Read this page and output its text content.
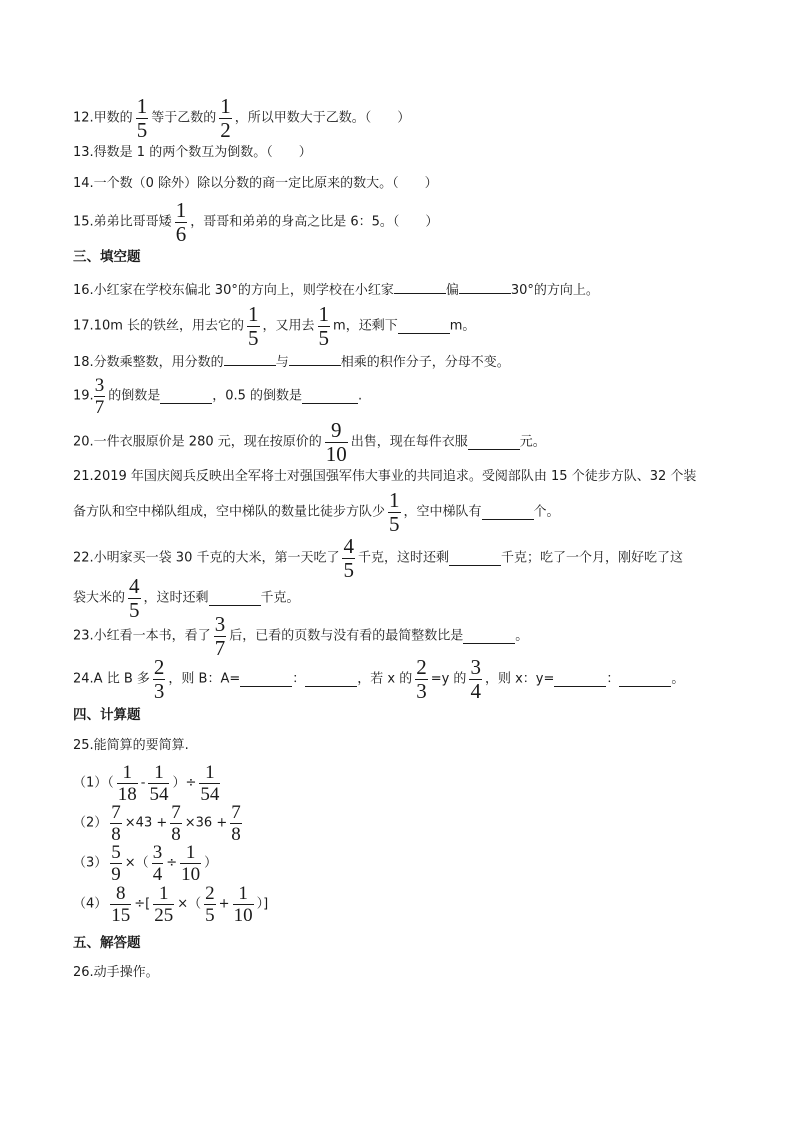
12.甲数的 $\frac{1}{5}$ 等于乙数的 $\frac{1}{2}$ ，所以甲数大于乙数。（　　）
13.得数是 1 的两个数互为倒数。（　　）
14.一个数（0 除外）除以分数的商一定比原来的数大。（　　）
15.弟弟比哥哥矮 $\frac{1}{6}$ ，哥哥和弟弟的身高之比是 6：5。（　　）
三、填空题
16.小红家在学校东偏北 30°的方向上，则学校在小红家	偏	30°的方向上。
17.10m 长的铁丝，用去它的 $\frac{1}{5}$ ，又用去 $\frac{1}{5}$ m，还剩下	m。
18.分数乘整数，用分数的	与	相乘的积作分子，分母不变。
19. $\frac{3}{7}$ 的倒数是	，0.5 的倒数是	.
20.一件衣服原价是 280 元，现在按原价的 $\frac{9}{10}$ 出售，现在每件衣服	元。
21.2019 年国庆阅兵反映出全军将士对强国强军伟大事业的共同追求。受阅部队由 15 个徒步方队、32 个装
备方队和空中梯队组成，空中梯队的数量比徒步方队少 $\frac{1}{5}$ ，空中梯队有	个。
22.小明家买一袋 30 千克的大米，第一天吃了 $\frac{4}{5}$ 千克，这时还剩	千克；吃了一个月，刚好吃了这
袋大米的 $\frac{4}{5}$ ，这时还剩	千克。
23.小红看一本书，看了 $\frac{3}{7}$ 后，已看的页数与没有看的最简整数比是	。
24.A 比 B 多 $\frac{2}{3}$ ，则 B：A=	：	，若 x 的 $\frac{2}{3} =y$ 的 $\frac{3}{4}$ ，则 x：y=	：	。
四、计算题
25.能简算的要简算.
$(1)( \frac{1}{18} - \frac{1}{54}$ ）÷ $\frac{1}{54}$
$(2) \frac{7}{8} \times 43 + \frac{7}{8} \times 36 + \frac{7}{8}$
$(3) \frac{5}{9}$ ×（ $\frac{3}{4} \div \frac{1}{10}$ ）
$(4) \frac{8}{15}$ ÷[ $\frac{1}{25}$ ×（ $\frac{2}{5} + \frac{1}{10}$ ）]
五、解答题
26.动手操作。
